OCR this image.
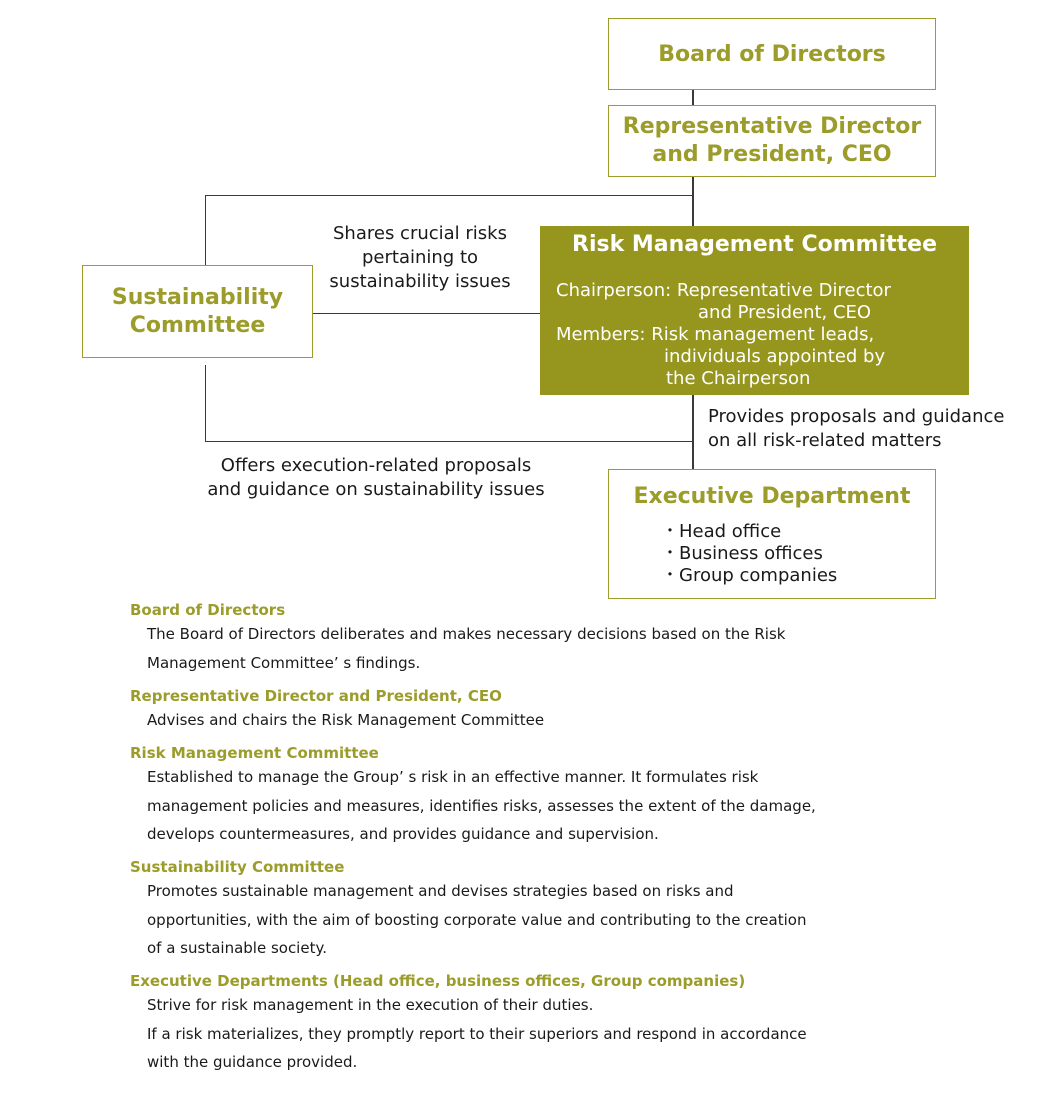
Board of Directors
Representative Director
and President, CEO
Sustainability
Committee
Risk Management Committee
Chairperson: Representative Director
and President, CEO
Members: Risk management leads,
individuals appointed by
the Chairperson
Executive Department
・ Head office
・ Business offices
・ Group companies
Shares crucial risks
pertaining to
sustainability issues
Provides proposals and guidance
on all risk-related matters
Offers execution-related proposals
and guidance on sustainability issues
Board of Directors
The Board of Directors deliberates and makes necessary decisions based on the Risk
Management Committee’ s findings.
Representative Director and President, CEO
Advises and chairs the Risk Management Committee
Risk Management Committee
Established to manage the Group’ s risk in an effective manner. It formulates risk
management policies and measures, identifies risks, assesses the extent of the damage,
develops countermeasures, and provides guidance and supervision.
Sustainability Committee
Promotes sustainable management and devises strategies based on risks and
opportunities, with the aim of boosting corporate value and contributing to the creation
of a sustainable society.
Executive Departments (Head office, business offices, Group companies)
Strive for risk management in the execution of their duties.
If a risk materializes, they promptly report to their superiors and respond in accordance
with the guidance provided.
